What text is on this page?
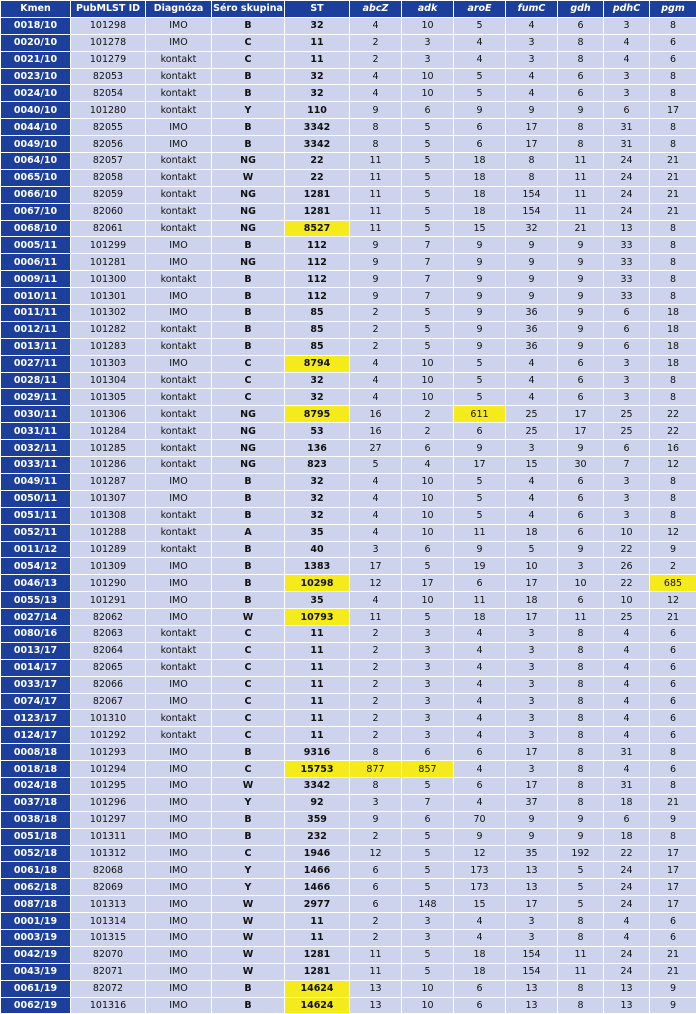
Kmen	PubMLST ID	Diagnóza	Séro skupina	ST	abcZ	adk	aroE	fumC	gdh	pdhC	pgm
0018/10	101298	IMO	B	32	4	10	5	4	6	3	8
0020/10	101278	IMO	C	11	2	3	4	3	8	4	6
0021/10	101279	kontakt	C	11	2	3	4	3	8	4	6
0023/10	82053	kontakt	B	32	4	10	5	4	6	3	8
0024/10	82054	kontakt	B	32	4	10	5	4	6	3	8
0040/10	101280	kontakt	Y	110	9	6	9	9	9	6	17
0044/10	82055	IMO	B	3342	8	5	6	17	8	31	8
0049/10	82056	IMO	B	3342	8	5	6	17	8	31	8
0064/10	82057	kontakt	NG	22	11	5	18	8	11	24	21
0065/10	82058	kontakt	W	22	11	5	18	8	11	24	21
0066/10	82059	kontakt	NG	1281	11	5	18	154	11	24	21
0067/10	82060	kontakt	NG	1281	11	5	18	154	11	24	21
0068/10	82061	kontakt	NG	8527	11	5	15	32	21	13	8
0005/11	101299	IMO	B	112	9	7	9	9	9	33	8
0006/11	101281	IMO	NG	112	9	7	9	9	9	33	8
0009/11	101300	kontakt	B	112	9	7	9	9	9	33	8
0010/11	101301	IMO	B	112	9	7	9	9	9	33	8
0011/11	101302	IMO	B	85	2	5	9	36	9	6	18
0012/11	101282	kontakt	B	85	2	5	9	36	9	6	18
0013/11	101283	kontakt	B	85	2	5	9	36	9	6	18
0027/11	101303	IMO	C	8794	4	10	5	4	6	3	18
0028/11	101304	kontakt	C	32	4	10	5	4	6	3	8
0029/11	101305	kontakt	C	32	4	10	5	4	6	3	8
0030/11	101306	kontakt	NG	8795	16	2	611	25	17	25	22
0031/11	101284	kontakt	NG	53	16	2	6	25	17	25	22
0032/11	101285	kontakt	NG	136	27	6	9	3	9	6	16
0033/11	101286	kontakt	NG	823	5	4	17	15	30	7	12
0049/11	101287	IMO	B	32	4	10	5	4	6	3	8
0050/11	101307	IMO	B	32	4	10	5	4	6	3	8
0051/11	101308	kontakt	B	32	4	10	5	4	6	3	8
0052/11	101288	kontakt	A	35	4	10	11	18	6	10	12
0011/12	101289	kontakt	B	40	3	6	9	5	9	22	9
0054/12	101309	IMO	B	1383	17	5	19	10	3	26	2
0046/13	101290	IMO	B	10298	12	17	6	17	10	22	685
0055/13	101291	IMO	B	35	4	10	11	18	6	10	12
0027/14	82062	IMO	W	10793	11	5	18	17	11	25	21
0080/16	82063	kontakt	C	11	2	3	4	3	8	4	6
0013/17	82064	kontakt	C	11	2	3	4	3	8	4	6
0014/17	82065	kontakt	C	11	2	3	4	3	8	4	6
0033/17	82066	IMO	C	11	2	3	4	3	8	4	6
0074/17	82067	IMO	C	11	2	3	4	3	8	4	6
0123/17	101310	kontakt	C	11	2	3	4	3	8	4	6
0124/17	101292	kontakt	C	11	2	3	4	3	8	4	6
0008/18	101293	IMO	B	9316	8	6	6	17	8	31	8
0018/18	101294	IMO	C	15753	877	857	4	3	8	4	6
0024/18	101295	IMO	W	3342	8	5	6	17	8	31	8
0037/18	101296	IMO	Y	92	3	7	4	37	8	18	21
0038/18	101297	IMO	B	359	9	6	70	9	9	6	9
0051/18	101311	IMO	B	232	2	5	9	9	9	18	8
0052/18	101312	IMO	C	1946	12	5	12	35	192	22	17
0061/18	82068	IMO	Y	1466	6	5	173	13	5	24	17
0062/18	82069	IMO	Y	1466	6	5	173	13	5	24	17
0087/18	101313	IMO	W	2977	6	148	15	17	5	24	17
0001/19	101314	IMO	W	11	2	3	4	3	8	4	6
0003/19	101315	IMO	W	11	2	3	4	3	8	4	6
0042/19	82070	IMO	W	1281	11	5	18	154	11	24	21
0043/19	82071	IMO	W	1281	11	5	18	154	11	24	21
0061/19	82072	IMO	B	14624	13	10	6	13	8	13	9
0062/19	101316	IMO	B	14624	13	10	6	13	8	13	9
